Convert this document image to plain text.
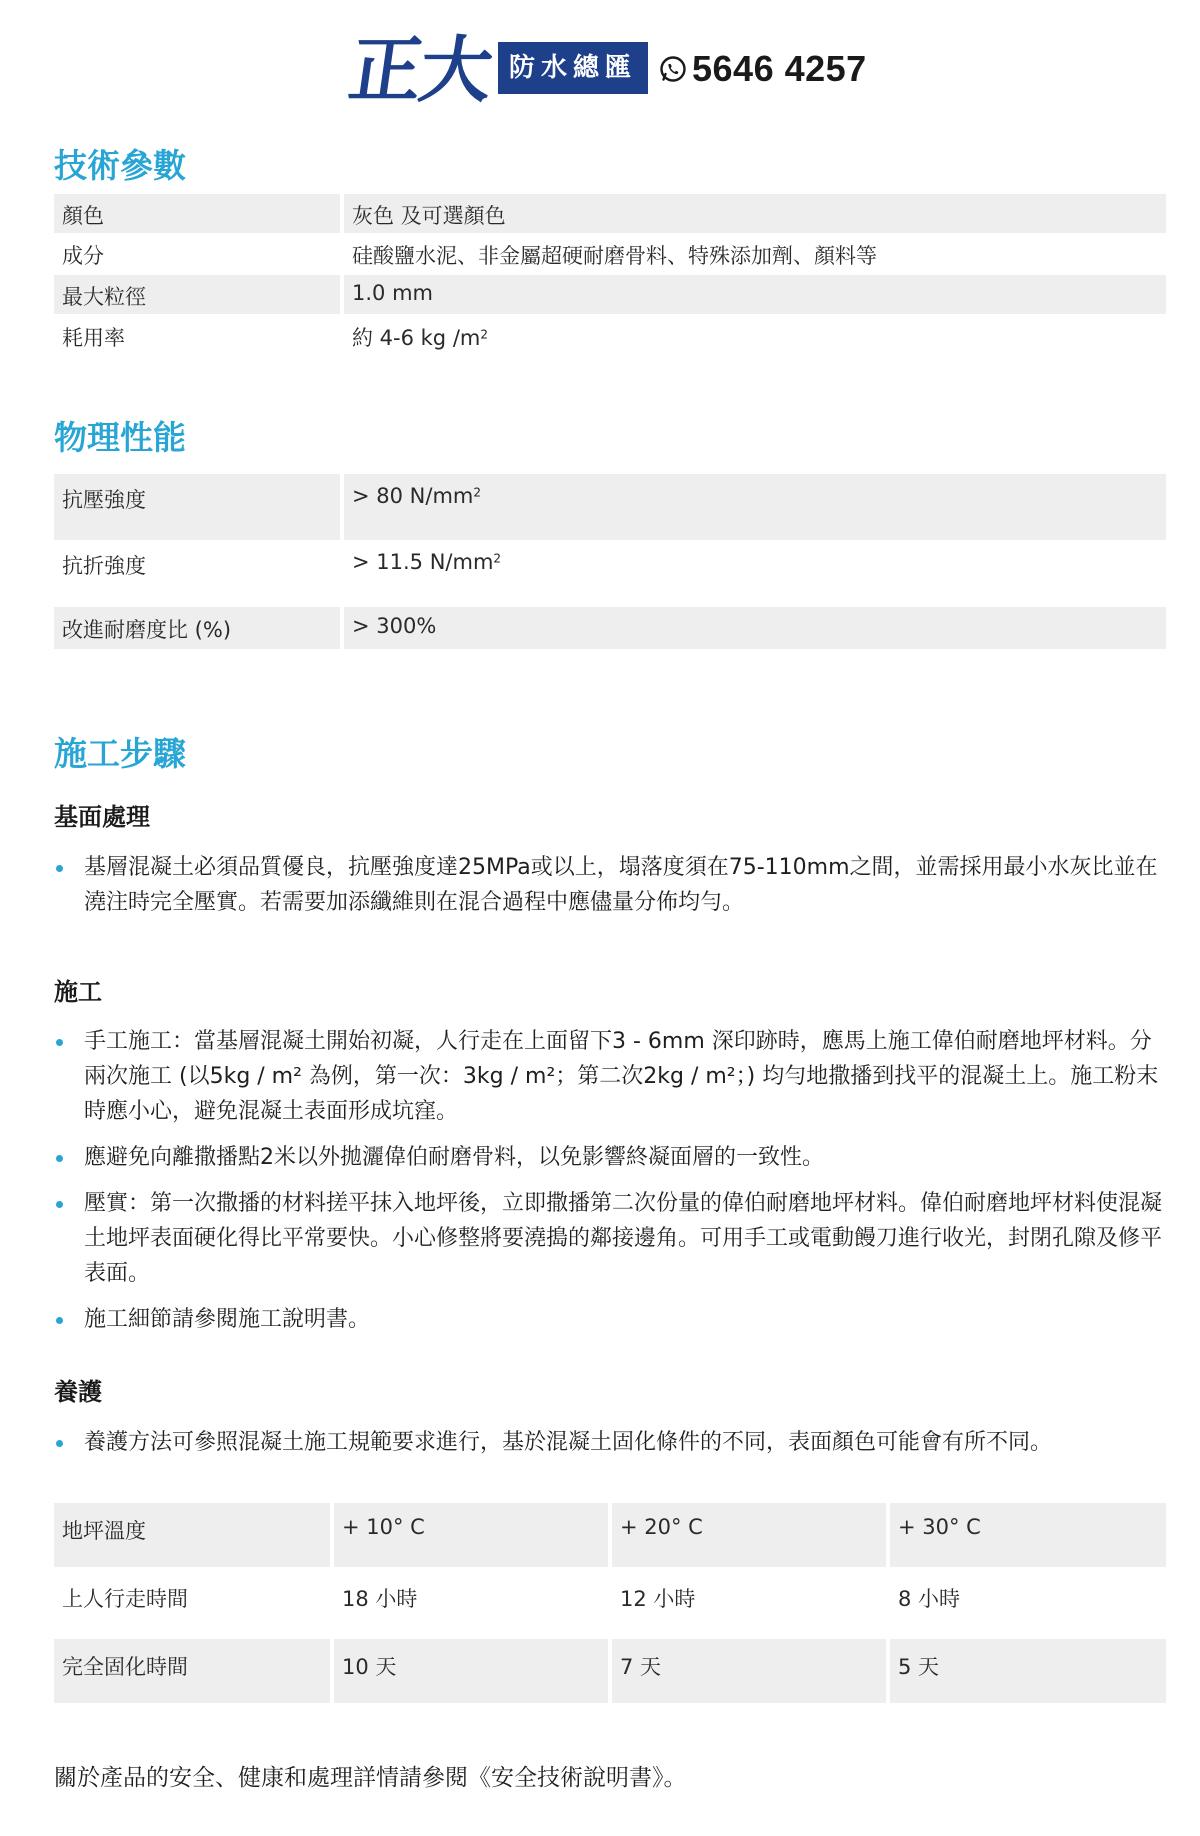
正大 防水總匯	5646 4257
技術參數
顏色	灰色 及可選顏色
成分	硅酸鹽水泥、非金屬超硬耐磨骨料、特殊添加劑、顏料等
最大粒徑	1.0 mm
耗用率	約 4-6 kg $/m^2$
物理性能
抗壓強度	> 80 $N/mm^2$
抗折強度	> 11.5 $N/mm^2$
改進耐磨度比 (%)	> 300%
施工步驟
基面處理
基層混凝土必須品質優良，抗壓強度達25MPa或以上，塌落度須在75-110mm之間，並需採用最小水灰比並在澆注時完全壓實。若需要加添纖維則在混合過程中應儘量分佈均勻。
施工
手工施工：當基層混凝土開始初凝，人行走在上面留下3 - 6mm 深印跡時，應馬上施工偉伯耐磨地坪材料。分兩次施工 (以5kg / m² 為例，第一次：3kg / m²；第二次2kg / m²；) 均勻地撒播到找平的混凝土上。施工粉末時應小心，避免混凝土表面形成坑窪。
應避免向離撒播點2米以外拋灑偉伯耐磨骨料，以免影響終凝面層的一致性。
壓實：第一次撒播的材料搓平抹入地坪後，立即撒播第二次份量的偉伯耐磨地坪材料。偉伯耐磨地坪材料使混凝土地坪表面硬化得比平常要快。小心修整將要澆搗的鄰接邊角。可用手工或電動饅刀進行收光，封閉孔隙及修平表面。
施工細節請參閱施工說明書。
養護
養護方法可參照混凝土施工規範要求進行，基於混凝土固化條件的不同，表面顏色可能會有所不同。
地坪溫度	+ 10° C	+ 20° C	+ 30° C
上人行走時間	18 小時	12 小時	8 小時
完全固化時間	10 天	7 天	5 天
關於產品的安全、健康和處理詳情請參閱《安全技術說明書》。
